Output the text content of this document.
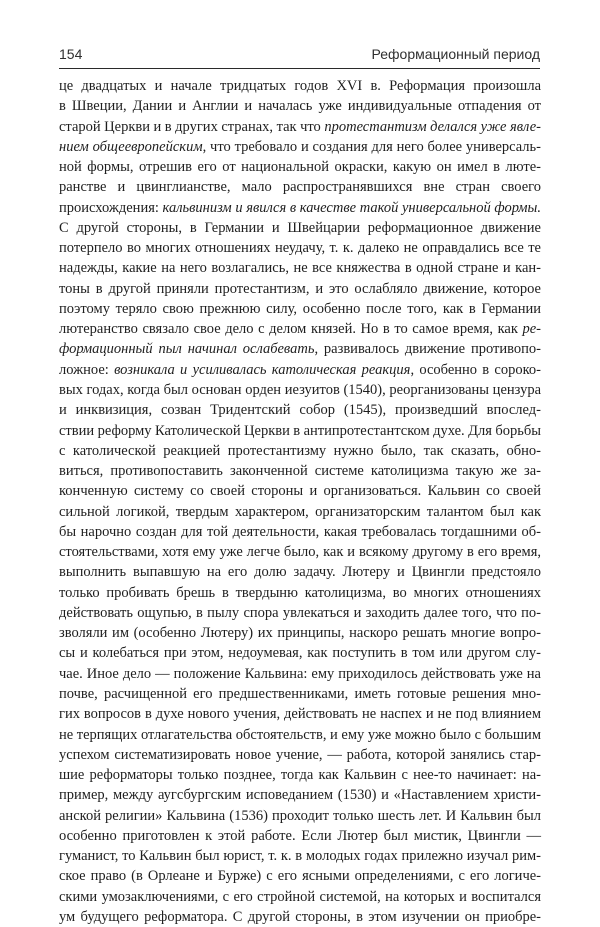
154	Реформационный период
це двадцатых и начале тридцатых годов XVI в. Реформация произошла
в Швеции, Дании и Англии и началась уже индивидуальные отпадения от
старой Церкви и в других странах, так что протестантизм делался уже явле-
нием общеевропейским, что требовало и создания для него более универсаль-
ной формы, отрешив его от национальной окраски, какую он имел в люте-
ранстве и цвинглианстве, мало распространявшихся вне стран своего
происхождения: кальвинизм и явился в качестве такой универсальной формы.
С другой стороны, в Германии и Швейцарии реформационное движение
потерпело во многих отношениях неудачу, т. к. далеко не оправдались все те
надежды, какие на него возлагались, не все княжества в одной стране и кан-
тоны в другой приняли протестантизм, и это ослабляло движение, которое
поэтому теряло свою прежнюю силу, особенно после того, как в Германии
лютеранство связало свое дело с делом князей. Но в то самое время, как ре-
формационный пыл начинал ослабевать, развивалось движение противопо-
ложное: возникала и усиливалась католическая реакция, особенно в сороко-
вых годах, когда был основан орден иезуитов (1540), реорганизованы цензура
и инквизиция, созван Тридентский собор (1545), произведший впослед-
ствии реформу Католической Церкви в антипротестантском духе. Для борьбы
с католической реакцией протестантизму нужно было, так сказать, обно-
виться, противопоставить законченной системе католицизма такую же за-
конченную систему со своей стороны и организоваться. Кальвин со своей
сильной логикой, твердым характером, организаторским талантом был как
бы нарочно создан для той деятельности, какая требовалась тогдашними об-
стоятельствами, хотя ему уже легче было, как и всякому другому в его время,
выполнить выпавшую на его долю задачу. Лютеру и Цвингли предстояло
только пробивать брешь в твердыню католицизма, во многих отношениях
действовать ощупью, в пылу спора увлекаться и заходить далее того, что по-
зволяли им (особенно Лютеру) их принципы, наскоро решать многие вопро-
сы и колебаться при этом, недоумевая, как поступить в том или другом слу-
чае. Иное дело — положение Кальвина: ему приходилось действовать уже на
почве, расчищенной его предшественниками, иметь готовые решения мно-
гих вопросов в духе нового учения, действовать не наспех и не под влиянием
не терпящих отлагательства обстоятельств, и ему уже можно было с большим
успехом систематизировать новое учение, — работа, которой занялись стар-
шие реформаторы только позднее, тогда как Кальвин с нее-то начинает: на-
пример, между аугсбургским исповеданием (1530) и «Наставлением христи-
анской религии» Кальвина (1536) проходит только шесть лет. И Кальвин был
особенно приготовлен к этой работе. Если Лютер был мистик, Цвингли —
гуманист, то Кальвин был юрист, т. к. в молодых годах прилежно изучал рим-
ское право (в Орлеане и Бурже) с его ясными определениями, с его логиче-
скими умозаключениями, с его стройной системой, на которых и воспитался
ум будущего реформатора. С другой стороны, в этом изучении он приобре-
